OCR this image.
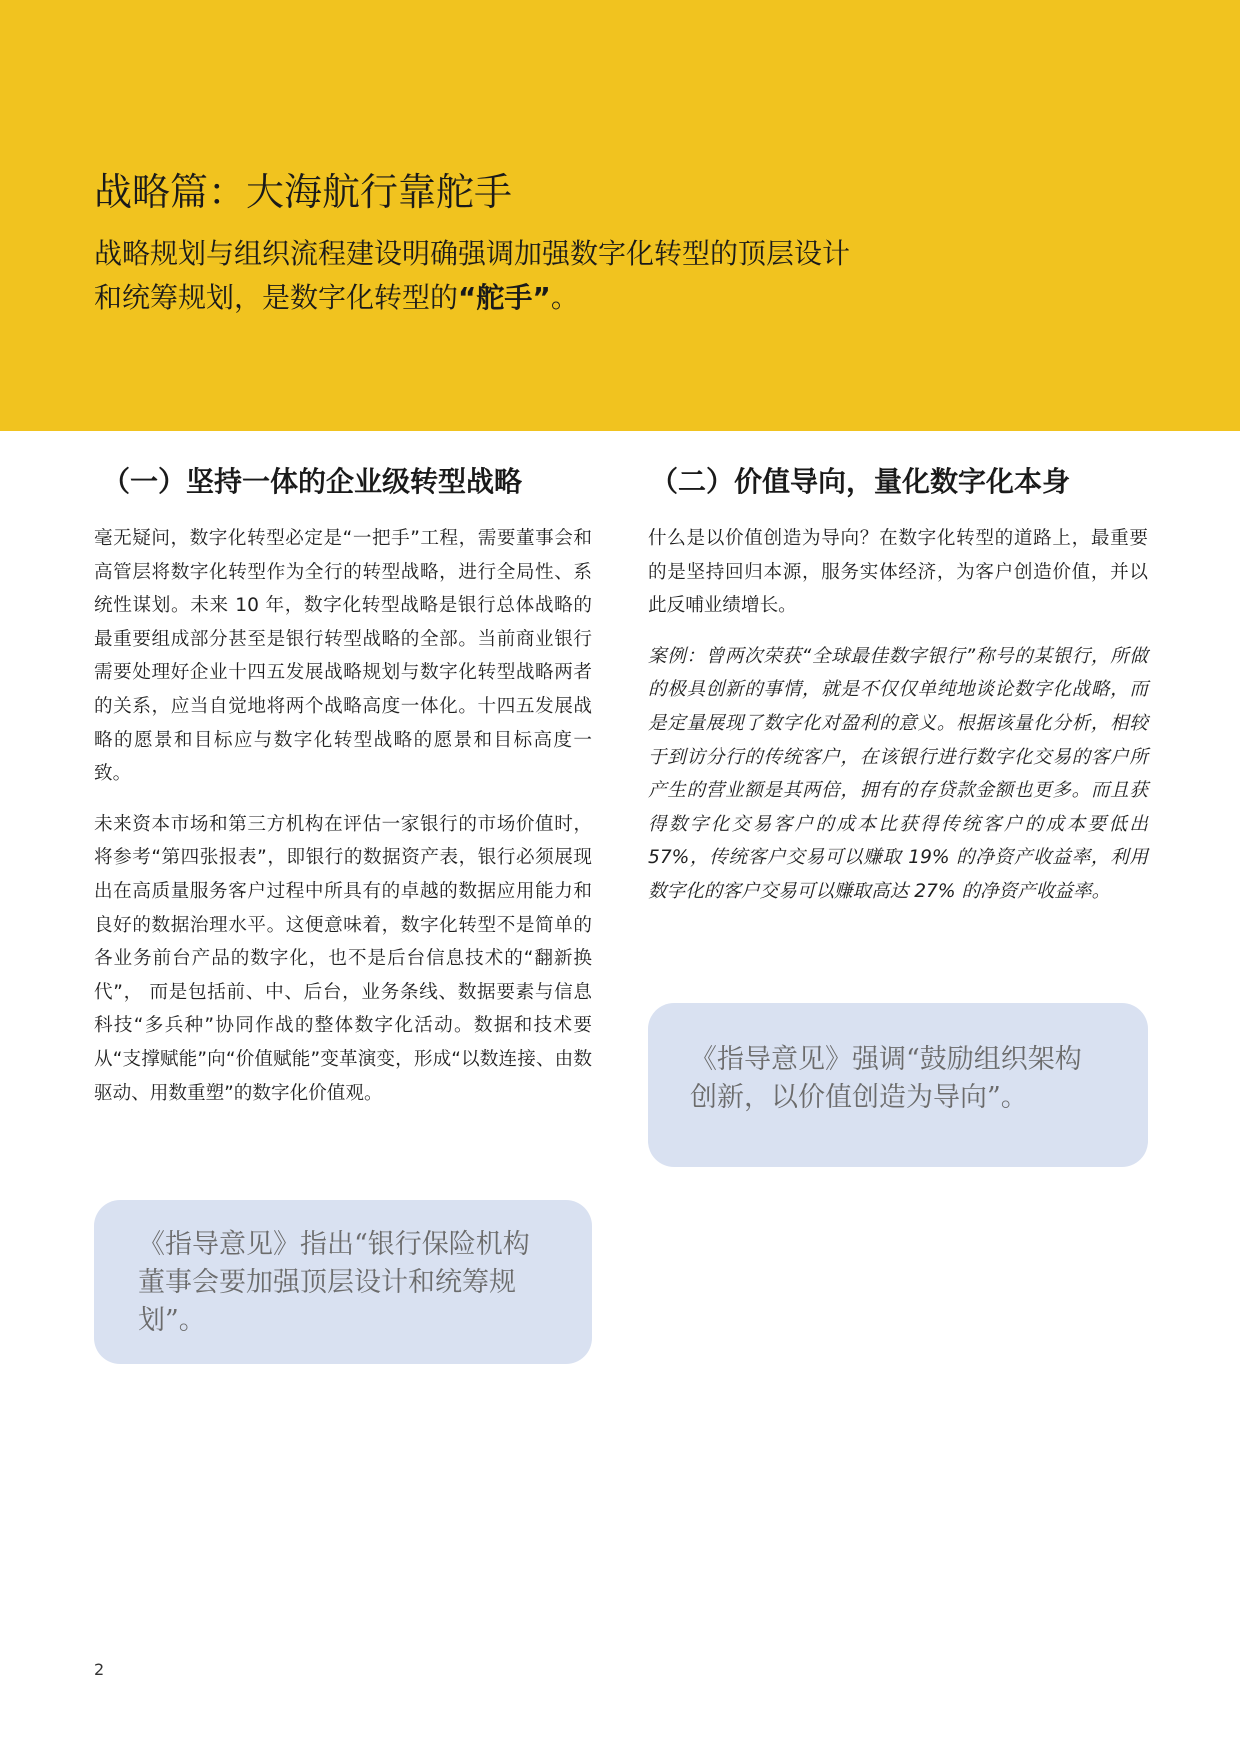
战略篇：大海航行靠舵手
战略规划与组织流程建设明确强调加强数字化转型的顶层设计
和统筹规划，是数字化转型的“舵手”。
（一）坚持一体的企业级转型战略

毫无疑问，数字化转型必定是“一把手”工程，需要董事会和高管层将数字化转型作为全行的转型战略，进行全局性、系统性谋划。未来 10 年，数字化转型战略是银行总体战略的最重要组成部分甚至是银行转型战略的全部。当前商业银行需要处理好企业十四五发展战略规划与数字化转型战略两者的关系，应当自觉地将两个战略高度一体化。十四五发展战略的愿景和目标应与数字化转型战略的愿景和目标高度一致。

未来资本市场和第三方机构在评估一家银行的市场价值时，将参考“第四张报表”，即银行的数据资产表，银行必须展现出在高质量服务客户过程中所具有的卓越的数据应用能力和良好的数据治理水平。这便意味着，数字化转型不是简单的各业务前台产品的数字化，也不是后台信息技术的“翻新换代”， 而是包括前、中、后台，业务条线、数据要素与信息科技“多兵种”协同作战的整体数字化活动。数据和技术要从“支撑赋能”向“价值赋能”变革演变，形成“以数连接、由数驱动、用数重塑”的数字化价值观。

（二）价值导向，量化数字化本身

什么是以价值创造为导向？在数字化转型的道路上，最重要的是坚持回归本源，服务实体经济，为客户创造价值，并以此反哺业绩增长。

案例：曾两次荣获“全球最佳数字银行”称号的某银行，所做的极具创新的事情，就是不仅仅单纯地谈论数字化战略，而是定量展现了数字化对盈利的意义。根据该量化分析，相较于到访分行的传统客户，在该银行进行数字化交易的客户所产生的营业额是其两倍，拥有的存贷款金额也更多。而且获得数字化交易客户的成本比获得传统客户的成本要低出 57%，传统客户交易可以赚取 19% 的净资产收益率，利用数字化的客户交易可以赚取高达 27% 的净资产收益率。

《指导意见》指出“银行保险机构董事会要加强顶层设计和统筹规划”。
《指导意见》强调“鼓励组织架构创新，以价值创造为导向”。
2
